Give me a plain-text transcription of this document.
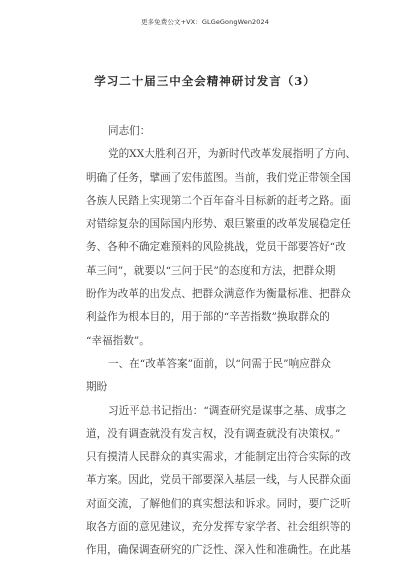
更多免费公文+VX：GLGeGongWen2024
学习二十届三中全会精神研讨发言（3）

同志们：

党的XX大胜利召开，为新时代改革发展指明了方向、
明确了任务，擘画了宏伟蓝图。当前，我们党正带领全国
各族人民踏上实现第二个百年奋斗目标新的赶考之路。面
对错综复杂的国际国内形势、艰巨繁重的改革发展稳定任
务、各种不确定难预料的风险挑战，党员干部要答好“改
革三问”，就要以“三问于民”的态度和方法，把群众期
盼作为改革的出发点、把群众满意作为衡量标准、把群众
利益作为根本目的，用于部的“辛苦指数”换取群众的
“幸福指数”。

一、在“改革答案”面前，以“问需于民”响应群众
期盼

习近平总书记指出：“调查研究是谋事之基、成事之
道，没有调查就没有发言权，没有调查就没有决策权。”
只有摸清人民群众的真实需求，才能制定出符合实际的改
革方案。因此，党员干部要深入基层一线，与人民群众面
对面交流，了解他们的真实想法和诉求。同时，要广泛听
取各方面的意见建议，充分发挥专家学者、社会组织等的
作用，确保调查研究的广泛性、深入性和准确性。在此基
